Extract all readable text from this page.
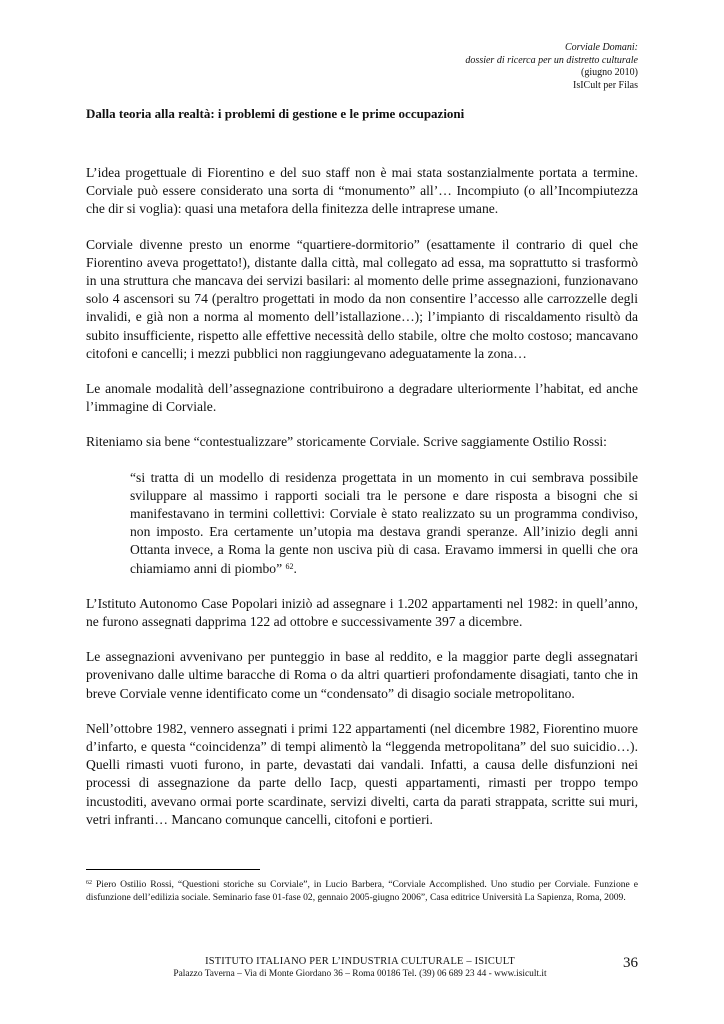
Corviale Domani:
dossier di ricerca per un distretto culturale
(giugno 2010)
IsICult per Filas
Dalla teoria alla realtà: i problemi di gestione e le prime occupazioni

L’idea progettuale di Fiorentino e del suo staff non è mai stata sostanzialmente portata a termine. Corviale può essere considerato una sorta di “monumento” all’… Incompiuto (o all’Incompiutezza che dir si voglia): quasi una metafora della finitezza delle intraprese umane.

Corviale divenne presto un enorme “quartiere-dormitorio” (esattamente il contrario di quel che Fiorentino aveva progettato!), distante dalla città, mal collegato ad essa, ma soprattutto si trasformò in una struttura che mancava dei servizi basilari: al momento delle prime assegnazioni, funzionavano solo 4 ascensori su 74 (peraltro progettati in modo da non consentire l’accesso alle carrozzelle degli invalidi, e già non a norma al momento dell’istallazione…); l’impianto di riscaldamento risultò da subito insufficiente, rispetto alle effettive necessità dello stabile, oltre che molto costoso; mancavano citofoni e cancelli; i mezzi pubblici non raggiungevano adeguatamente la zona…

Le anomale modalità dell’assegnazione contribuirono a degradare ulteriormente l’habitat, ed anche l’immagine di Corviale.

Riteniamo sia bene “contestualizzare” storicamente Corviale. Scrive saggiamente Ostilio Rossi:

“si tratta di un modello di residenza progettata in un momento in cui sembrava possibile sviluppare al massimo i rapporti sociali tra le persone e dare risposta a bisogni che si manifestavano in termini collettivi: Corviale è stato realizzato su un programma condiviso, non imposto. Era certamente un’utopia ma destava grandi speranze. All’inizio degli anni Ottanta invece, a Roma la gente non usciva più di casa. Eravamo immersi in quelli che ora chiamiamo anni di piombo” $^{62}$.

L’Istituto Autonomo Case Popolari iniziò ad assegnare i 1.202 appartamenti nel 1982: in quell’anno, ne furono assegnati dapprima 122 ad ottobre e successivamente 397 a dicembre.

Le assegnazioni avvenivano per punteggio in base al reddito, e la maggior parte degli assegnatari provenivano dalle ultime baracche di Roma o da altri quartieri profondamente disagiati, tanto che in breve Corviale venne identificato come un “condensato” di disagio sociale metropolitano.

Nell’ottobre 1982, vennero assegnati i primi 122 appartamenti (nel dicembre 1982, Fiorentino muore d’infarto, e questa “coincidenza” di tempi alimentò la “leggenda metropolitana” del suo suicidio…). Quelli rimasti vuoti furono, in parte, devastati dai vandali. Infatti, a causa delle disfunzioni nei processi di assegnazione da parte dello Iacp, questi appartamenti, rimasti per troppo tempo incustoditi, avevano ormai porte scardinate, servizi divelti, carta da parati strappata, scritte sui muri, vetri infranti… Mancano comunque cancelli, citofoni e portieri.

$^{62}$ Piero Ostilio Rossi, “Questioni storiche su Corviale”, in Lucio Barbera, “Corviale Accomplished. Uno studio per Corviale. Funzione e disfunzione dell’edilizia sociale. Seminario fase 01-fase 02, gennaio 2005-giugno 2006”, Casa editrice Università La Sapienza, Roma, 2009.

ISTITUTO ITALIANO PER L’INDUSTRIA CULTURALE – ISICULT
Palazzo Taverna – Via di Monte Giordano 36 – Roma 00186 Tel. (39) 06 689 23 44 - www.isicult.it
36
